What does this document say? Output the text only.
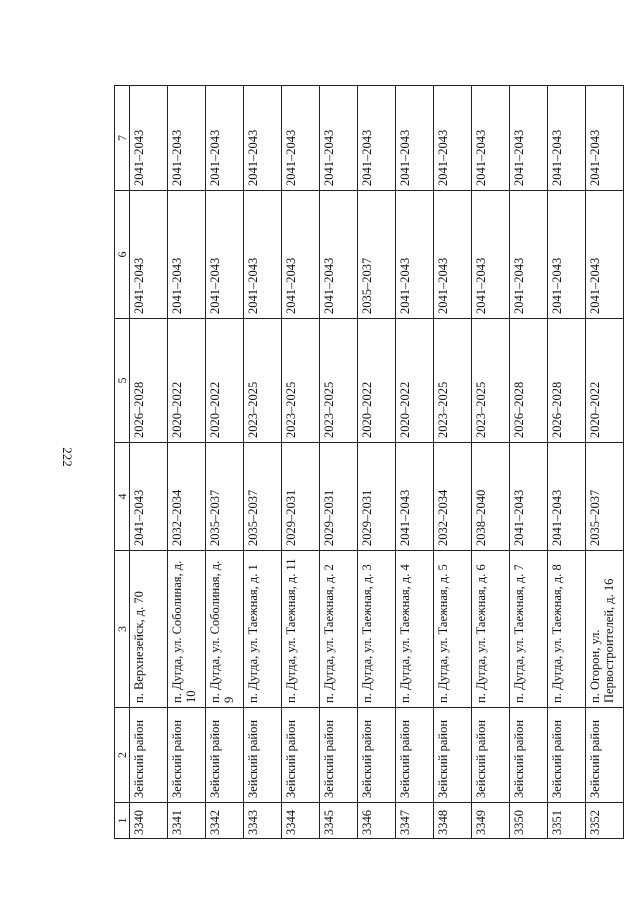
222
1	2	3	4	5	6	7
3340	Зейский район	п. Верхнезейск, д. 70	2041–2043	2026–2028	2041–2043	2041–2043
3341	Зейский район	п. Дугда, ул. Соболиная, д. 10	2032–2034	2020–2022	2041–2043	2041–2043
3342	Зейский район	п. Дугда, ул. Соболиная, д. 9	2035–2037	2020–2022	2041–2043	2041–2043
3343	Зейский район	п. Дугда, ул. Таежная, д. 1	2035–2037	2023–2025	2041–2043	2041–2043
3344	Зейский район	п. Дугда, ул. Таежная, д. 11	2029–2031	2023–2025	2041–2043	2041–2043
3345	Зейский район	п. Дугда, ул. Таежная, д. 2	2029–2031	2023–2025	2041–2043	2041–2043
3346	Зейский район	п. Дугда, ул. Таежная, д. 3	2029–2031	2020–2022	2035–2037	2041–2043
3347	Зейский район	п. Дугда, ул. Таежная, д. 4	2041–2043	2020–2022	2041–2043	2041–2043
3348	Зейский район	п. Дугда, ул. Таежная, д. 5	2032–2034	2023–2025	2041–2043	2041–2043
3349	Зейский район	п. Дугда, ул. Таежная, д. 6	2038–2040	2023–2025	2041–2043	2041–2043
3350	Зейский район	п. Дугда, ул. Таежная, д. 7	2041–2043	2026–2028	2041–2043	2041–2043
3351	Зейский район	п. Дугда, ул. Таежная, д. 8	2041–2043	2026–2028	2041–2043	2041–2043
3352	Зейский район	п. Огорон, ул. Первостроителей, д. 16	2035–2037	2020–2022	2041–2043	2041–2043
